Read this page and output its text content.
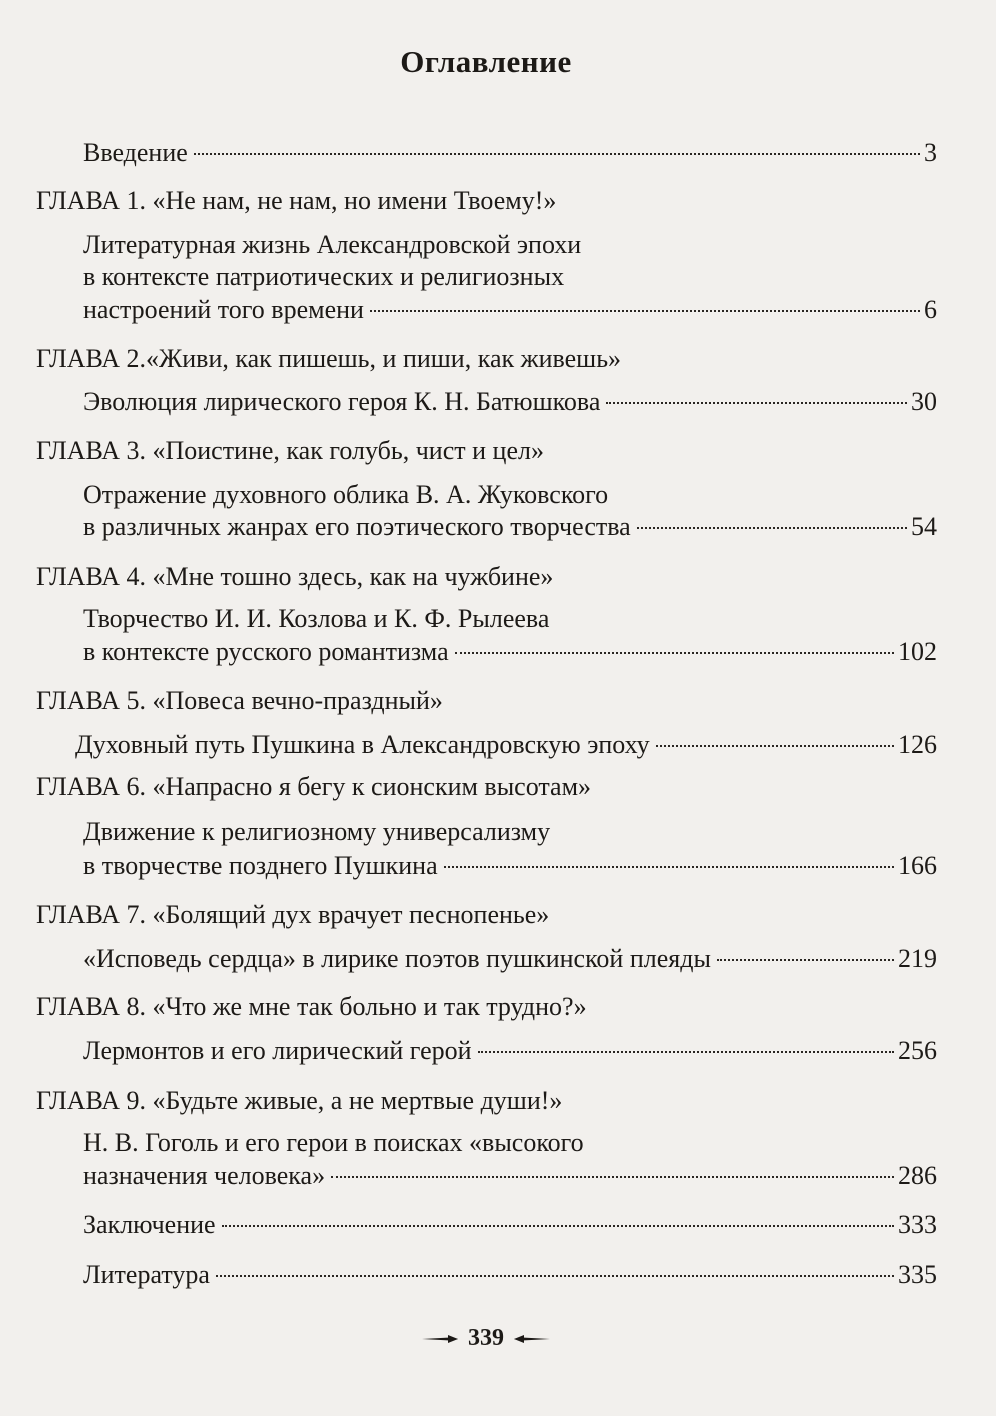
Оглавление
Введение	3
ГЛАВА 1. «Не нам, не нам, но имени Твоему!»
Литературная жизнь Александровской эпохи
в контексте патриотических и религиозных
настроений того времени	6
ГЛАВА 2.«Живи, как пишешь, и пиши, как живешь»
Эволюция лирического героя К. Н. Батюшкова	30
ГЛАВА 3. «Поистине, как голубь, чист и цел»
Отражение духовного облика В. А. Жуковского
в различных жанрах его поэтического творчества	54
ГЛАВА 4. «Мне тошно здесь, как на чужбине»
Творчество И. И. Козлова и К. Ф. Рылеева
в контексте русского романтизма	102
ГЛАВА 5. «Повеса вечно-праздный»
Духовный путь Пушкина в Александровскую эпоху	126
ГЛАВА 6. «Напрасно я бегу к сионским высотам»
Движение к религиозному универсализму
в творчестве позднего Пушкина	166
ГЛАВА 7. «Болящий дух врачует песнопенье»
«Исповедь сердца» в лирике поэтов пушкинской плеяды	219
ГЛАВА 8. «Что же мне так больно и так трудно?»
Лермонтов и его лирический герой	256
ГЛАВА 9. «Будьте живые, а не мертвые души!»
Н. В. Гоголь и его герои в поисках «высокого
назначения человека»	286
Заключение	333
Литература	335
339
